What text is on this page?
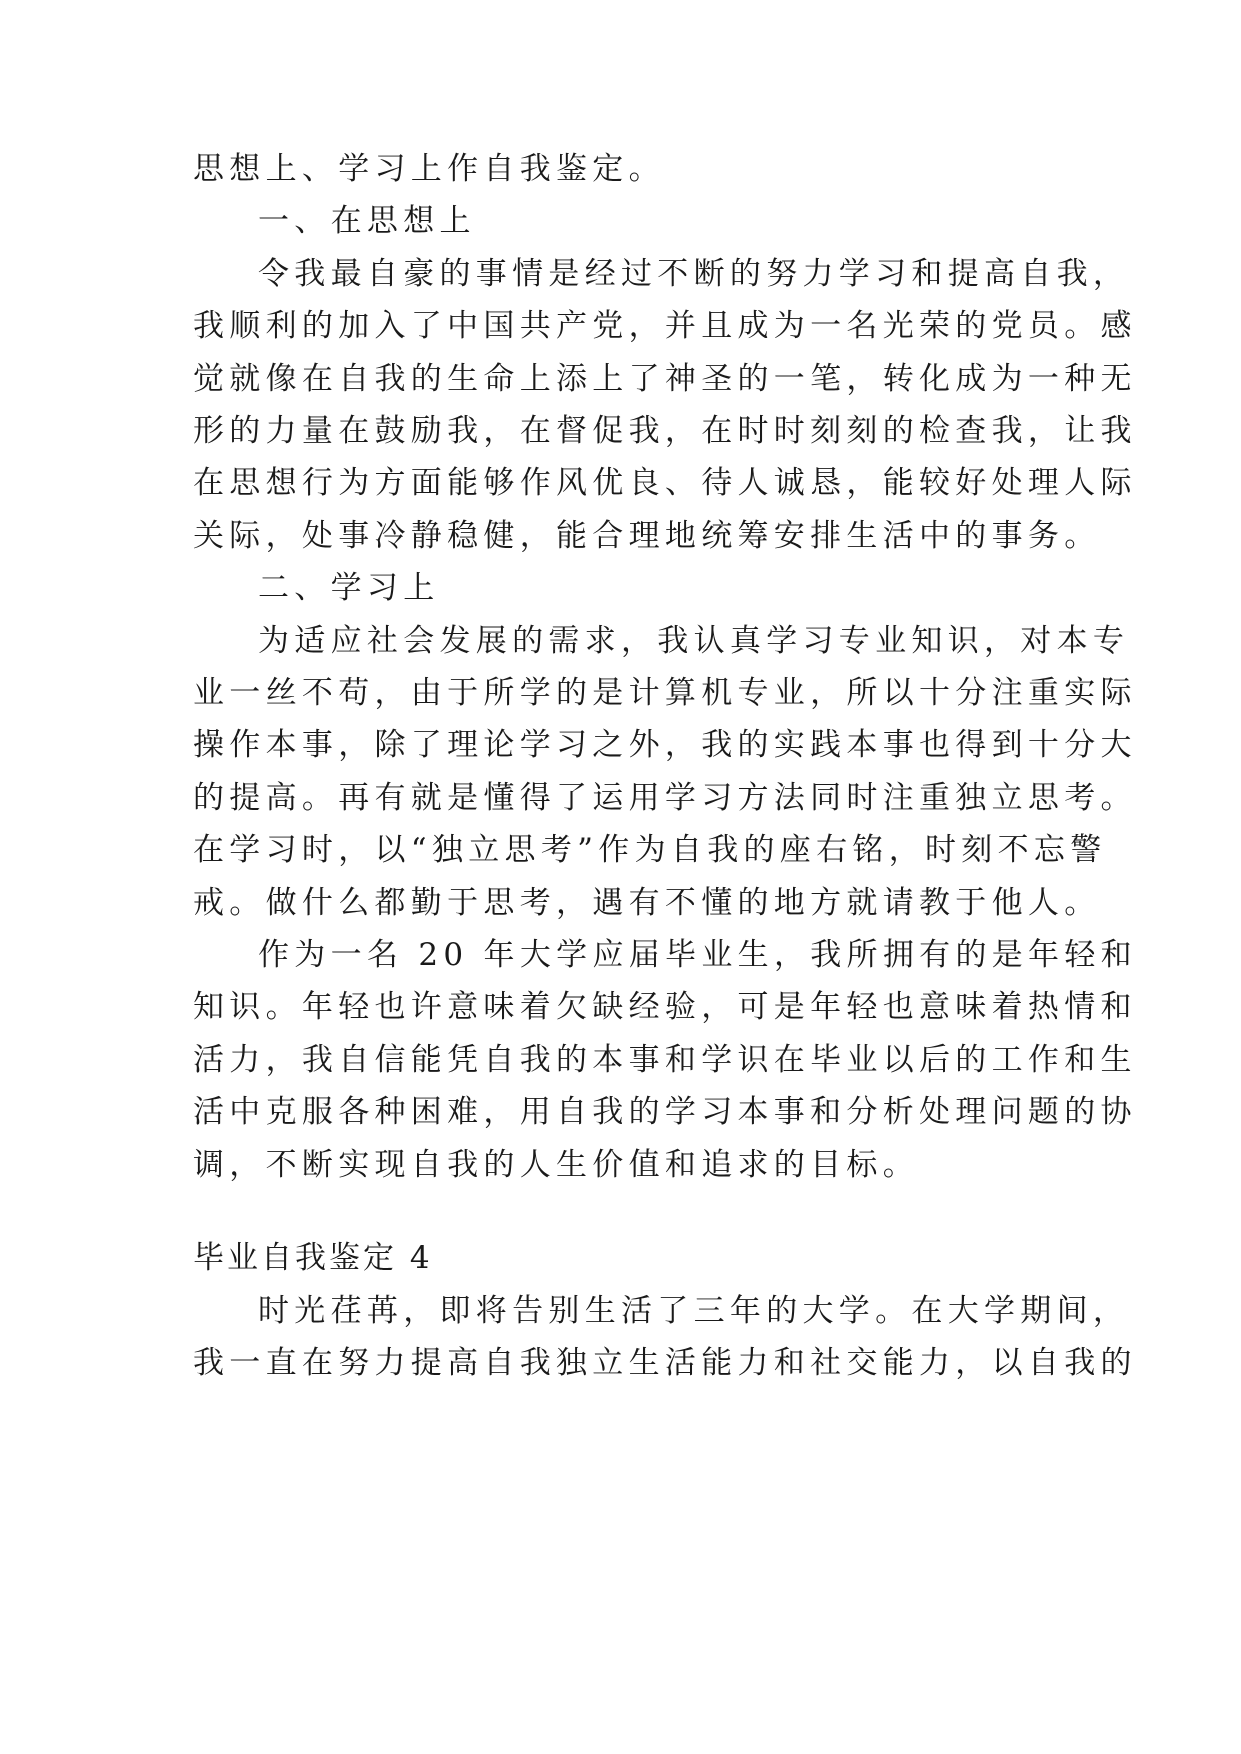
思想上、学习上作自我鉴定。
一、在思想上
令我最自豪的事情是经过不断的努力学习和提高自我，
我顺利的加入了中国共产党，并且成为一名光荣的党员。感
觉就像在自我的生命上添上了神圣的一笔，转化成为一种无
形的力量在鼓励我，在督促我，在时时刻刻的检查我，让我
在思想行为方面能够作风优良、待人诚恳，能较好处理人际
关际，处事冷静稳健，能合理地统筹安排生活中的事务。
二、学习上
为适应社会发展的需求，我认真学习专业知识，对本专
业一丝不苟，由于所学的是计算机专业，所以十分注重实际
操作本事，除了理论学习之外，我的实践本事也得到十分大
的提高。再有就是懂得了运用学习方法同时注重独立思考。
在学习时，以“独立思考”作为自我的座右铭，时刻不忘警
戒。做什么都勤于思考，遇有不懂的地方就请教于他人。
作为一名 20 年大学应届毕业生，我所拥有的是年轻和
知识。年轻也许意味着欠缺经验，可是年轻也意味着热情和
活力，我自信能凭自我的本事和学识在毕业以后的工作和生
活中克服各种困难，用自我的学习本事和分析处理问题的协
调，不断实现自我的人生价值和追求的目标。
毕业自我鉴定 4
时光荏苒，即将告别生活了三年的大学。在大学期间，
我一直在努力提高自我独立生活能力和社交能力，以自我的
